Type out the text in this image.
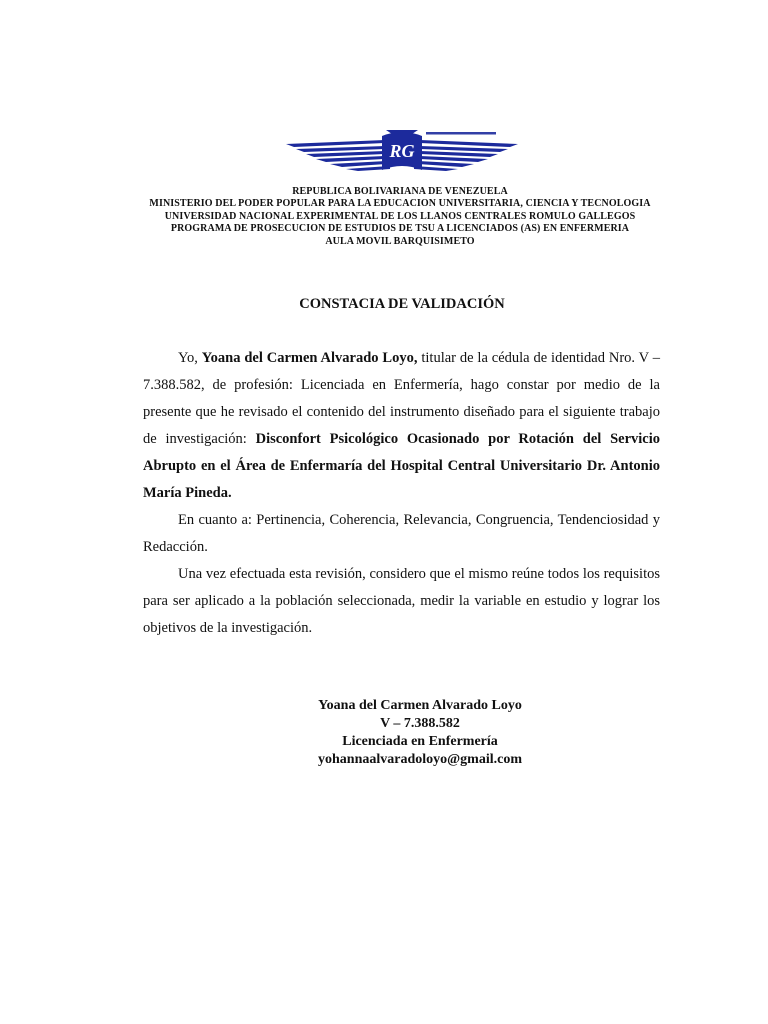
RG
REPUBLICA BOLIVARIANA DE VENEZUELA
MINISTERIO DEL PODER POPULAR PARA LA EDUCACION UNIVERSITARIA, CIENCIA Y TECNOLOGIA
UNIVERSIDAD NACIONAL EXPERIMENTAL DE LOS LLANOS CENTRALES ROMULO GALLEGOS
PROGRAMA DE PROSECUCION DE ESTUDIOS DE TSU A LICENCIADOS (AS) EN ENFERMERIA
AULA MOVIL BARQUISIMETO
CONSTACIA DE VALIDACIÓN

Yo, Yoana del Carmen Alvarado Loyo, titular de la cédula de identidad Nro. V – 7.388.582, de profesión: Licenciada en Enfermería, hago constar por medio de la presente que he revisado el contenido del instrumento diseñado para el siguiente trabajo de investigación: Disconfort Psicológico Ocasionado por Rotación del Servicio Abrupto en el Área de Enfermaría del Hospital Central Universitario Dr. Antonio María Pineda.

En cuanto a: Pertinencia, Coherencia, Relevancia, Congruencia, Tendenciosidad y Redacción.

Una vez efectuada esta revisión, considero que el mismo reúne todos los requisitos para ser aplicado a la población seleccionada, medir la variable en estudio y lograr los objetivos de la investigación.

Yoana del Carmen Alvarado Loyo
V – 7.388.582
Licenciada en Enfermería
yohannaalvaradoloyo@gmail.com
